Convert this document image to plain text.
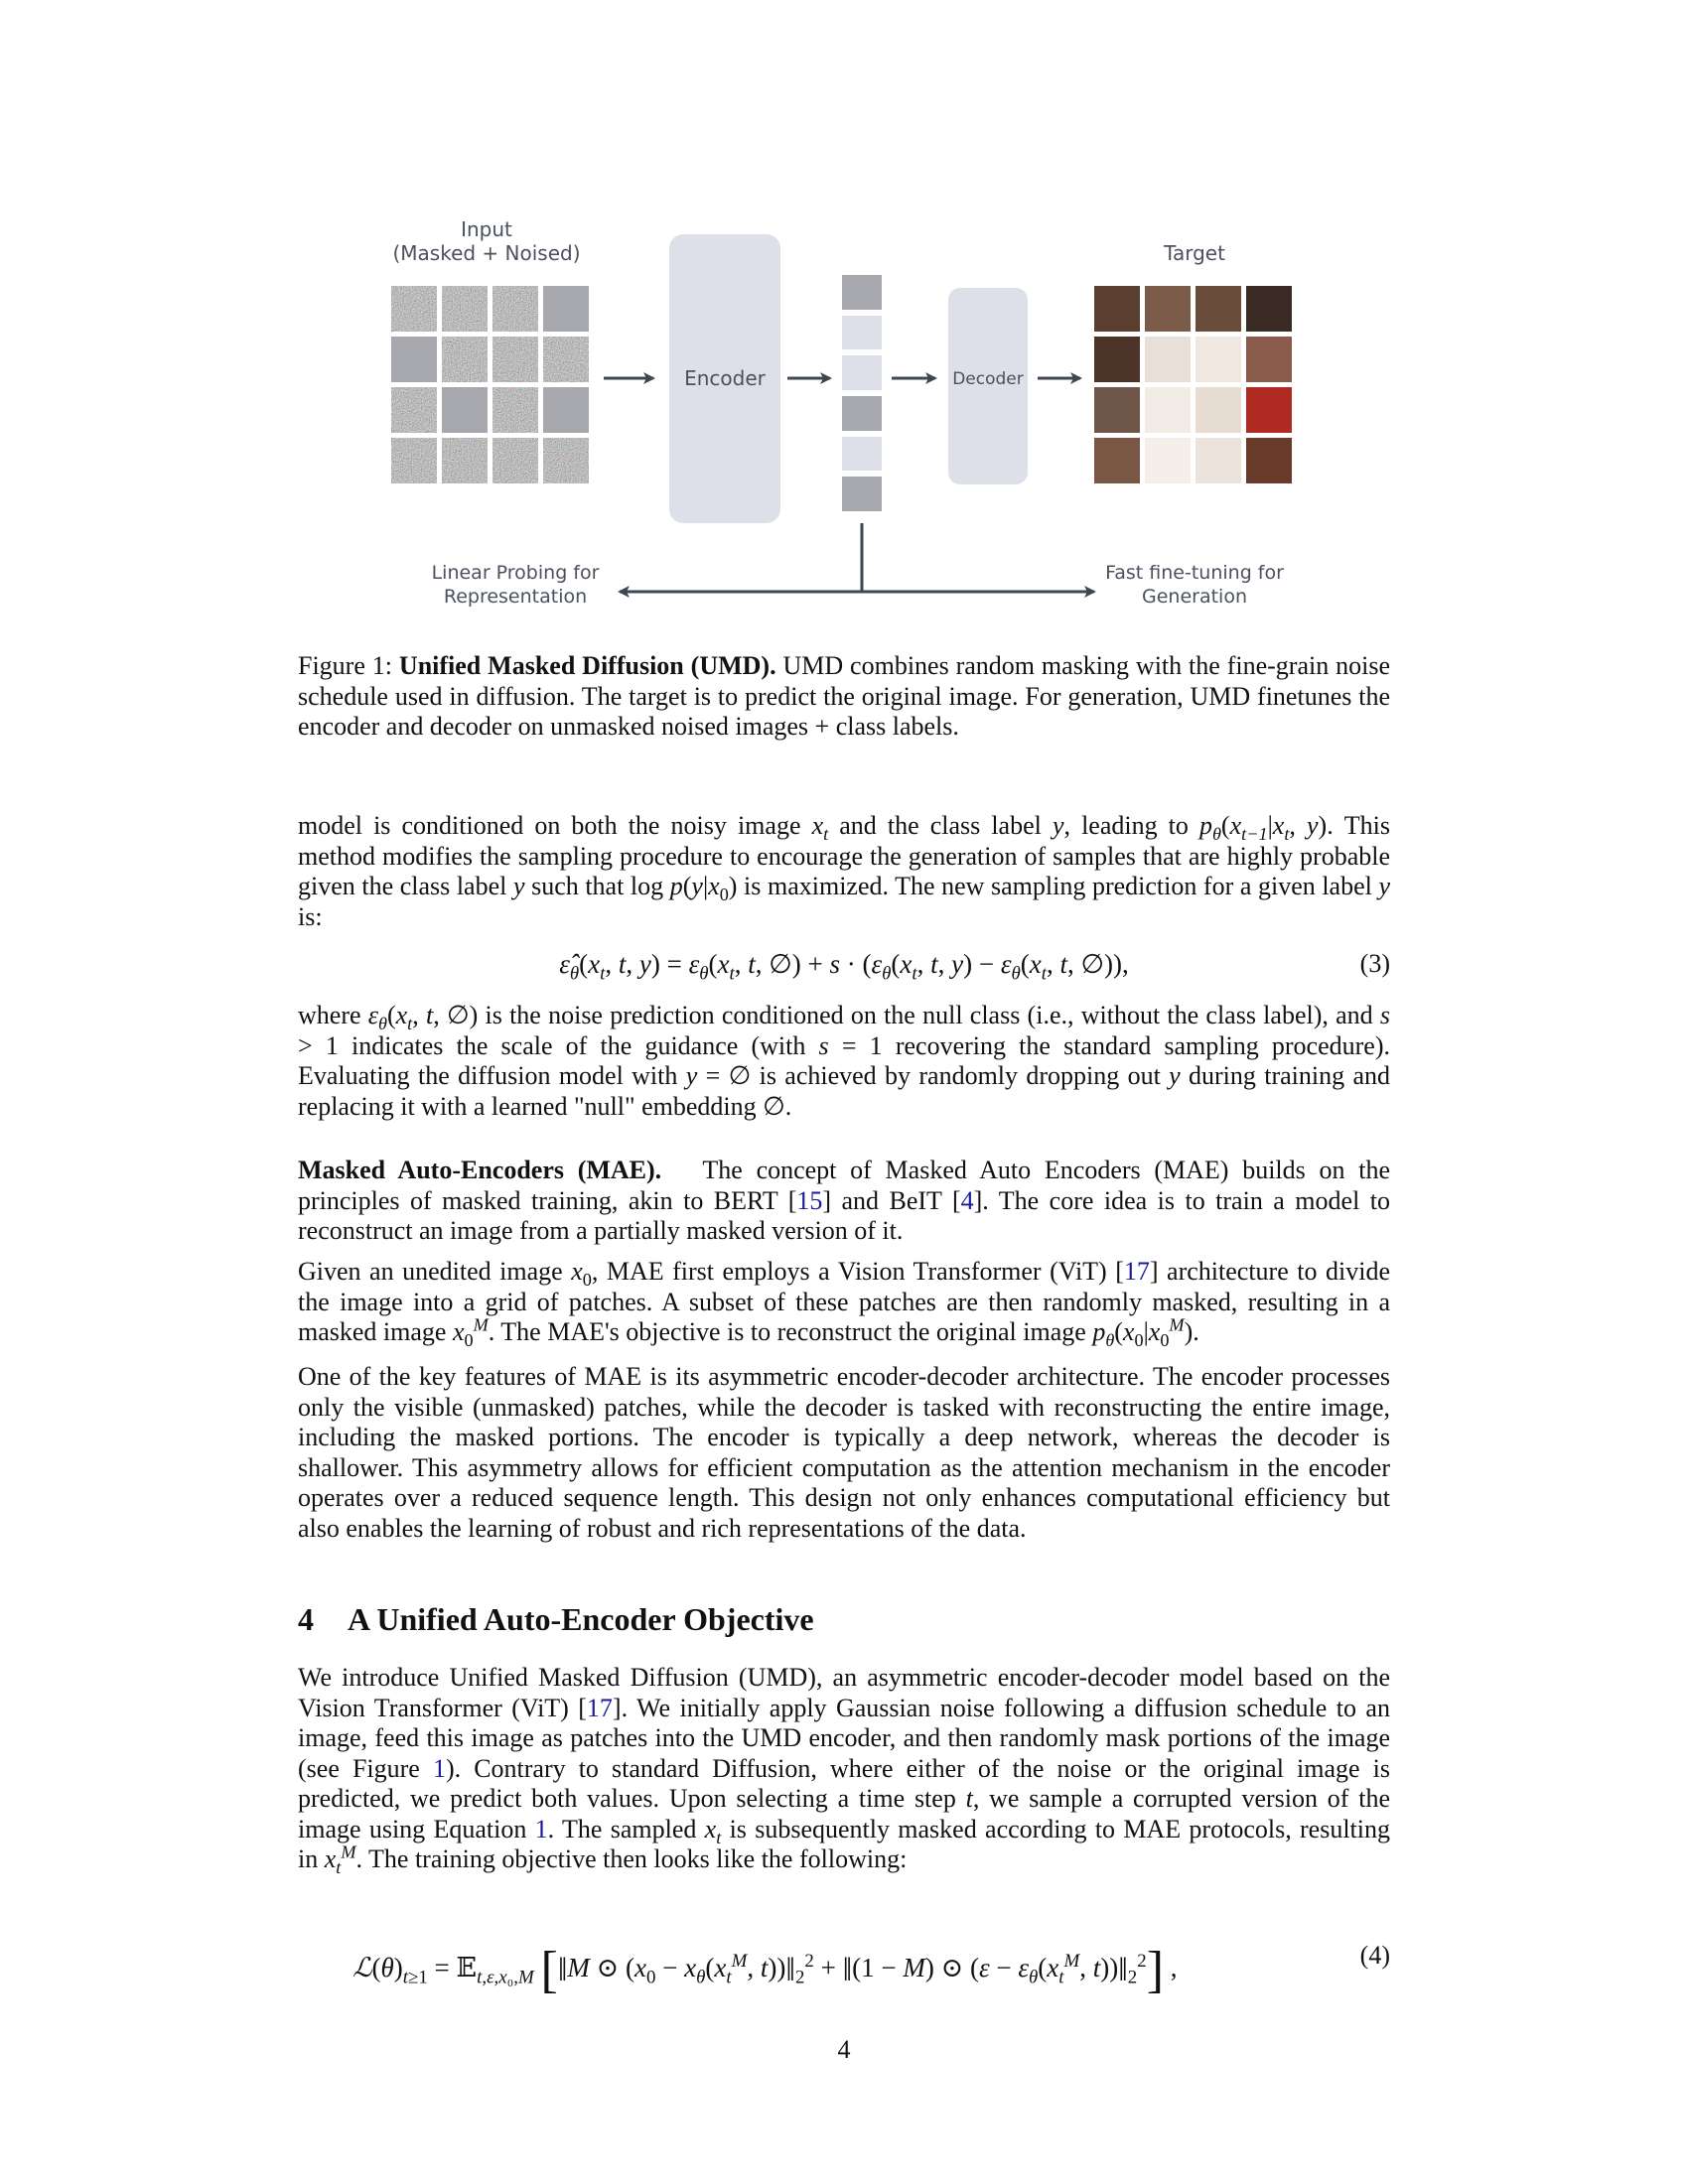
Input
(Masked + Noised)
Encoder	Decoder
Target
Linear Probing for
Representation
Fast fine-tuning for
Generation

Figure 1: Unified Masked Diffusion (UMD). UMD combines random masking with the fine-grain noise schedule used in diffusion. The target is to predict the original image. For generation, UMD finetunes the encoder and decoder on unmasked noised images + class labels.

model is conditioned on both the noisy image $x_t$ and the class label y, leading to $p_\theta(x_{t-1}|x_t$, y). This method modifies the sampling procedure to encourage the generation of samples that are highly probable given the class label y such that $\log p(y|x_0)$ is maximized. The new sampling prediction for a given label y is:

$\varepsilon̂_\theta(x_t$, t, $y) = \varepsilon_\theta(x_t$, t, ∅) + $s \cdot (\varepsilon_\theta(x_t$, t, $y) - \varepsilon_\theta(x_t$, t, ∅)),	(3)

where $\varepsilon_\theta(x_t$, t, ∅) is the noise prediction conditioned on the null class (i.e., without the class label), and s > 1 indicates the scale of the guidance (with s = 1 recovering the standard sampling procedure). Evaluating the diffusion model with y = ∅ is achieved by randomly dropping out y during training and replacing it with a learned "null" embedding ∅.

Masked Auto-Encoders (MAE). The concept of Masked Auto Encoders (MAE) builds on the principles of masked training, akin to BERT [15] and BeIT [4]. The core idea is to train a model to reconstruct an image from a partially masked version of it.

Given an unedited image $x_0$, MAE first employs a Vision Transformer (ViT) [17] architecture to divide the image into a grid of patches. A subset of these patches are then randomly masked, resulting in a masked image $x_0^M$. The MAE's objective is to reconstruct the original image $p_\theta(x_0|x_0^M)$.

One of the key features of MAE is its asymmetric encoder-decoder architecture. The encoder processes only the visible (unmasked) patches, while the decoder is tasked with reconstructing the entire image, including the masked portions. The encoder is typically a deep network, whereas the decoder is shallower. This asymmetry allows for efficient computation as the attention mechanism in the encoder operates over a reduced sequence length. This design not only enhances computational efficiency but also enables the learning of robust and rich representations of the data.

4 A Unified Auto-Encoder Objective

We introduce Unified Masked Diffusion (UMD), an asymmetric encoder-decoder model based on the Vision Transformer (ViT) [17]. We initially apply Gaussian noise following a diffusion schedule to an image, feed this image as patches into the UMD encoder, and then randomly mask portions of the image (see Figure 1). Contrary to standard Diffusion, where either of the noise or the original image is predicted, we predict both values. Upon selecting a time step t, we sample a corrupted version of the image using Equation 1. The sampled $x_t$ is subsequently masked according to MAE protocols, resulting in $x_t^M$. The training objective then looks like the following:

$ℒ(\theta)_{t\ge 1}$ = 𝔼$_{t,\varepsilon,x_0,M}$ [‖M ⊙ ($x_0 - x_\theta(x_t^M$, $t))‖_2^2$ + ‖(1 − M) ⊙ ($\varepsilon - \varepsilon_\theta(x_t^M$, $t))‖_2^2$] ,	(4)
4
